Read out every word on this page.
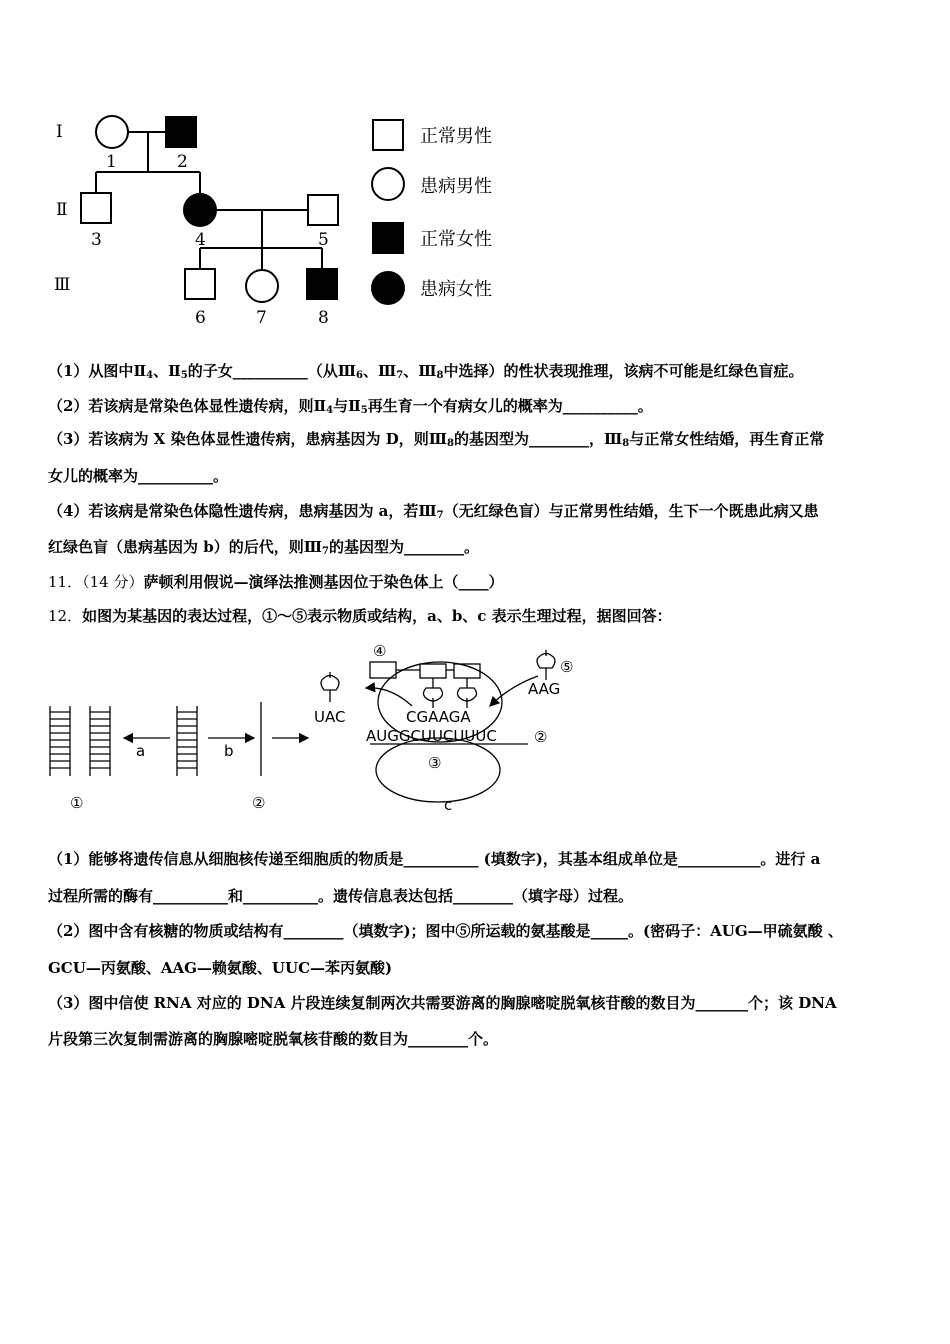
Ⅰ
Ⅱ
Ⅲ
1	2
3	4	5
6	7	8
正常男性
患病男性
正常女性
患病女性
（1）从图中$Ⅱ_4$、$Ⅱ_5$的子女__________（从$Ⅲ_6$、$Ⅲ_7$、$Ⅲ_8$中选择）的性状表现推理，该病不可能是红绿色盲症。
（2）若该病是常染色体显性遗传病，则$Ⅱ_4$与$Ⅱ_5$再生育一个有病女儿的概率为__________。
（3）若该病为 X 染色体显性遗传病，患病基因为 D，则$Ⅲ_8$的基因型为________，$Ⅲ_8$与正常女性结婚，再生育正常
女儿的概率为__________。
（4）若该病是常染色体隐性遗传病，患病基因为 a，若$Ⅲ_7$（无红绿色盲）与正常男性结婚，生下一个既患此病又患
红绿色盲（患病基因为 b）的后代，则$Ⅲ_7$的基因型为________。
11．（14 分）萨顿利用假说—演绎法推测基因位于染色体上（____）
12．如图为某基因的表达过程，①～⑤表示物质或结构，a、b、c 表示生理过程，据图回答：
④
⑤
AAG
UAC	CGAAGA
AUGGCUUCUUUC ②
③
a	b
①	②	c
（1）能够将遗传信息从细胞核传递至细胞质的物质是__________ (填数字)，其基本组成单位是___________。进行 a
过程所需的酶有__________和__________。遗传信息表达包括________（填字母）过程。
（2）图中含有核糖的物质或结构有________（填数字)；图中⑤所运载的氨基酸是_____。(密码子：AUG—甲硫氨酸 、
GCU—丙氨酸、AAG—赖氨酸、UUC—苯丙氨酸)
（3）图中信使 RNA 对应的 DNA 片段连续复制两次共需要游离的胸腺嘧啶脱氧核苷酸的数目为_______个；该 DNA
片段第三次复制需游离的胸腺嘧啶脱氧核苷酸的数目为________个。
